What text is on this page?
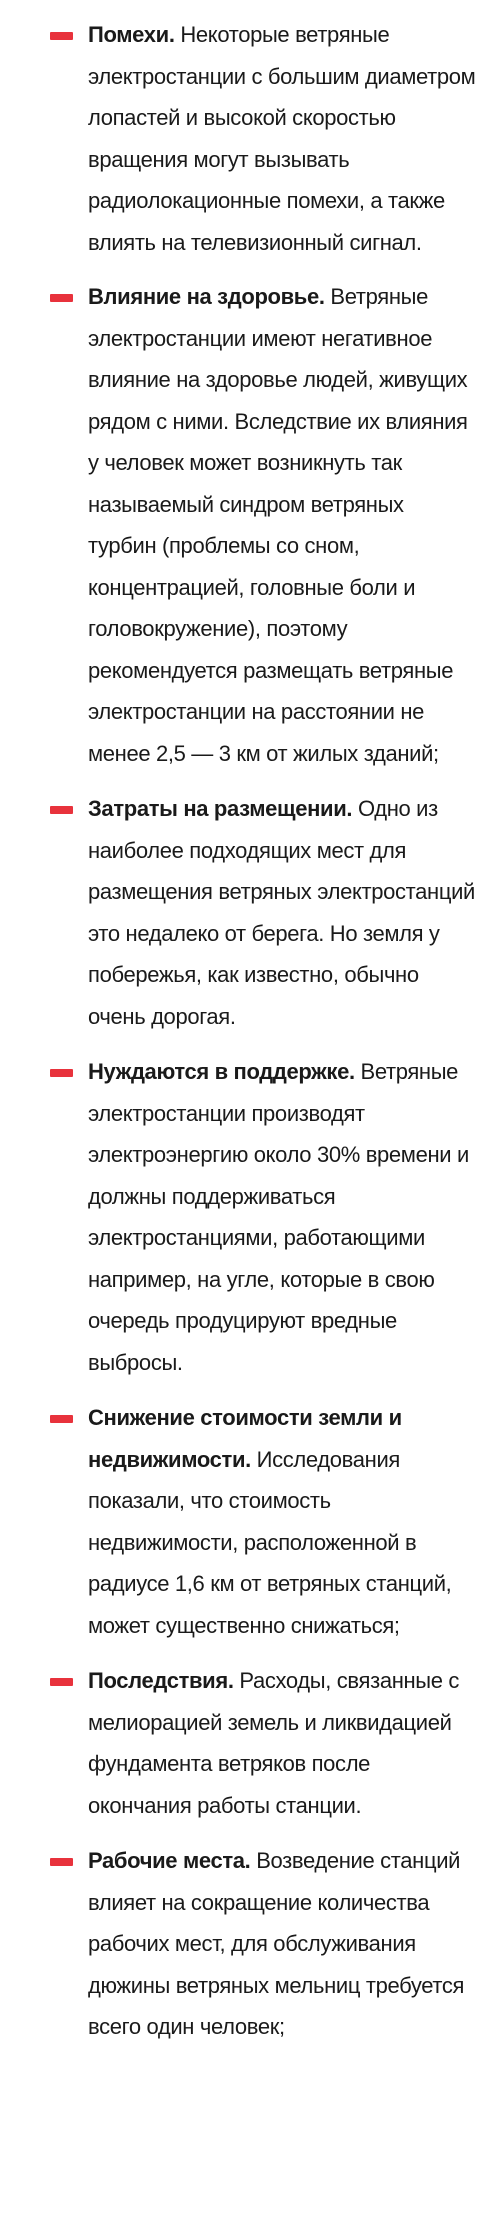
Помехи. Некоторые ветряные электростанции с большим диаметром лопастей и высокой скоростью вращения могут вызывать радиолокационные помехи, а также влиять на телевизионный сигнал.
Влияние на здоровье. Ветряные электростанции имеют негативное влияние на здоровье людей, живущих рядом с ними. Вследствие их влияния у человек может возникнуть так называемый синдром ветряных турбин (проблемы со сном, концентрацией, головные боли и головокружение), поэтому рекомендуется размещать ветряные электростанции на расстоянии не менее 2,5 — 3 км от жилых зданий;
Затраты на размещении. Одно из наиболее подходящих мест для размещения ветряных электростанций это недалеко от берега. Но земля у побережья, как известно, обычно очень дорогая.
Нуждаются в поддержке. Ветряные электростанции производят электроэнергию около 30% времени и должны поддерживаться электростанциями, работающими например, на угле, которые в свою очередь продуцируют вредные выбросы.
Снижение стоимости земли и недвижимости. Исследования показали, что стоимость недвижимости, расположенной в радиусе 1,6 км от ветряных станций, может существенно снижаться;
Последствия. Расходы, связанные с мелиорацией земель и ликвидацией фундамента ветряков после окончания работы станции.
Рабочие места. Возведение станций влияет на сокращение количества рабочих мест, для обслуживания дюжины ветряных мельниц требуется всего один человек;
